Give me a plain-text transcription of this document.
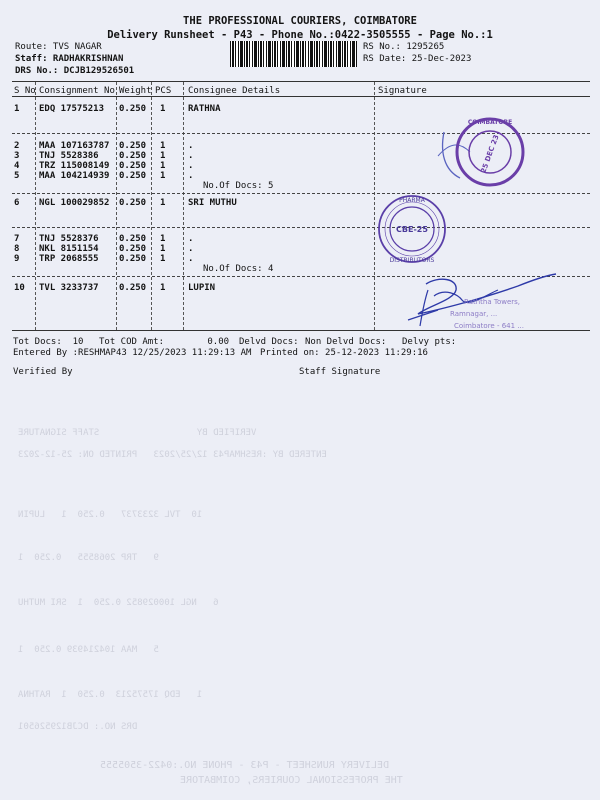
THE PROFESSIONAL COURIERS, COIMBATORE
Delivery Runsheet - P43 - Phone No.:0422-3505555 - Page No.:1
Route: TVS NAGAR
Staff: RADHAKRISHNAN
DRS No.: DCJB129526501
RS No.: 1295265
RS Date: 25-Dec-2023
S No Consignment No Weight PCS Consignee Details	Signature
1 EDQ 17575213 0.250 1	RATHNA
2 MAA 107163787 0.250 1	.
3 TNJ 5528386 0.250 1	.
4 TRZ 115008149 0.250 1	.
5 MAA 104214939 0.250 1	.
No.Of Docs: 5
6 NGL 100029852 0.250 1	SRI MUTHU
7 TNJ 5528376 0.250 1	.
8 NKL 8151154 0.250 1	.
9 TRP 2068555 0.250 1	.
No.Of Docs: 4
10 TVL 3233737 0.250 1	LUPIN
Tot Docs:  10 Tot COD Amt:        0.00 Delvd Docs: Non Delvd Docs: Delvy pts:
Entered By :RESHMAP43 12/25/2023 11:29:13 AM Printed on: 25-12-2023 11:29:16
Verified By	Staff Signature
COIMBATORE
25 DEC 23
CBE-25
PHARMA
DISTRIBUTORS
Raththa Towers,
Ramnagar, ...
Coimbatore - 641 ...
VERIFIED BY                  STAFF SIGNATURE
ENTERED BY :RESHMAP43 12/25/2023   PRINTED ON: 25-12-2023
10  TVL 3233737   0.250  1   LUPIN
9   TRP 2068555   0.250  1
6   NGL 100029852 0.250  1  SRI MUTHU
5   MAA 104214939 0.250  1
1   EDQ 17575213  0.250  1  RATHNA
DRS NO.: DCJB129526501
DELIVERY RUNSHEET - P43 - PHONE NO.:0422-3505555
THE PROFESSIONAL COURIERS, COIMBATORE
